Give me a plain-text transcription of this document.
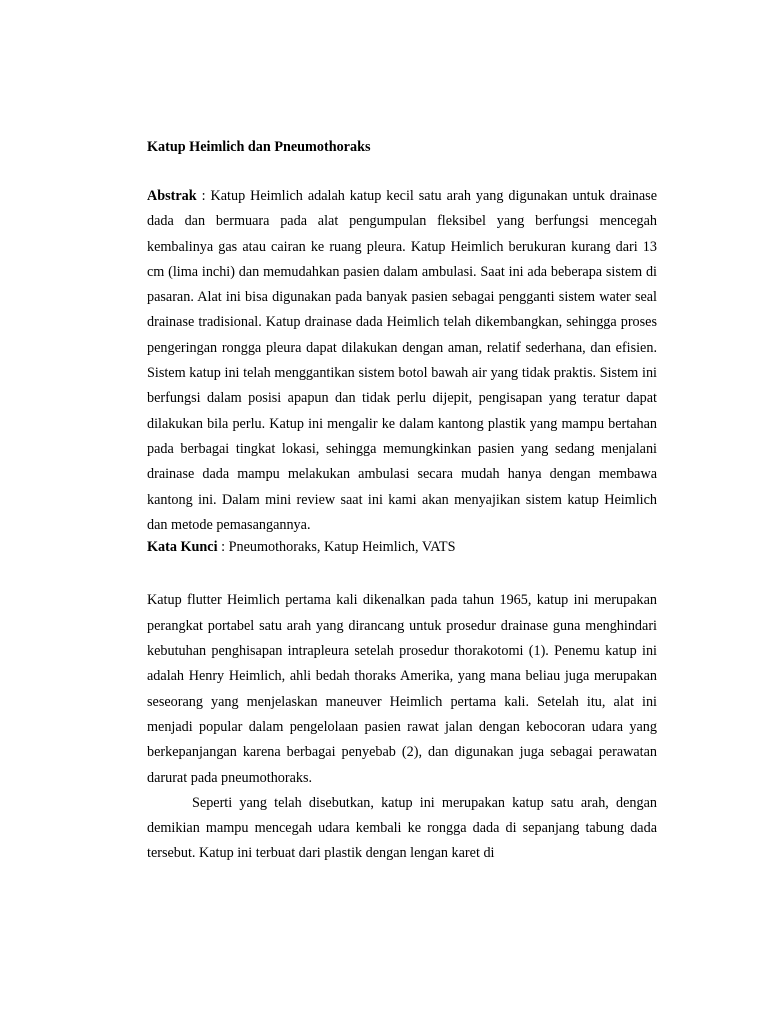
Katup Heimlich dan Pneumothoraks

Abstrak : Katup Heimlich adalah katup kecil satu arah yang digunakan untuk drainase dada dan bermuara pada alat pengumpulan fleksibel yang berfungsi mencegah kembalinya gas atau cairan ke ruang pleura. Katup Heimlich berukuran kurang dari 13 cm (lima inchi) dan memudahkan pasien dalam ambulasi. Saat ini ada beberapa sistem di pasaran. Alat ini bisa digunakan pada banyak pasien sebagai pengganti sistem water seal drainase tradisional. Katup drainase dada Heimlich telah dikembangkan, sehingga proses pengeringan rongga pleura dapat dilakukan dengan aman, relatif sederhana, dan efisien. Sistem katup ini telah menggantikan sistem botol bawah air yang tidak praktis. Sistem ini berfungsi dalam posisi apapun dan tidak perlu dijepit, pengisapan yang teratur dapat dilakukan bila perlu. Katup ini mengalir ke dalam kantong plastik yang mampu bertahan pada berbagai tingkat lokasi, sehingga memungkinkan pasien yang sedang menjalani drainase dada mampu melakukan ambulasi secara mudah hanya dengan membawa kantong ini. Dalam mini review saat ini kami akan menyajikan sistem katup Heimlich dan metode pemasangannya.

Kata Kunci : Pneumothoraks, Katup Heimlich, VATS

Katup flutter Heimlich pertama kali dikenalkan pada tahun 1965, katup ini merupakan perangkat portabel satu arah yang dirancang untuk prosedur drainase guna menghindari kebutuhan penghisapan intrapleura setelah prosedur thorakotomi (1). Penemu katup ini adalah Henry Heimlich, ahli bedah thoraks Amerika, yang mana beliau juga merupakan seseorang yang menjelaskan maneuver Heimlich pertama kali. Setelah itu, alat ini menjadi popular dalam pengelolaan pasien rawat jalan dengan kebocoran udara yang berkepanjangan karena berbagai penyebab (2), dan digunakan juga sebagai perawatan darurat pada pneumothoraks.

Seperti yang telah disebutkan, katup ini merupakan katup satu arah, dengan demikian mampu mencegah udara kembali ke rongga dada di sepanjang tabung dada tersebut. Katup ini terbuat dari plastik dengan lengan karet di
